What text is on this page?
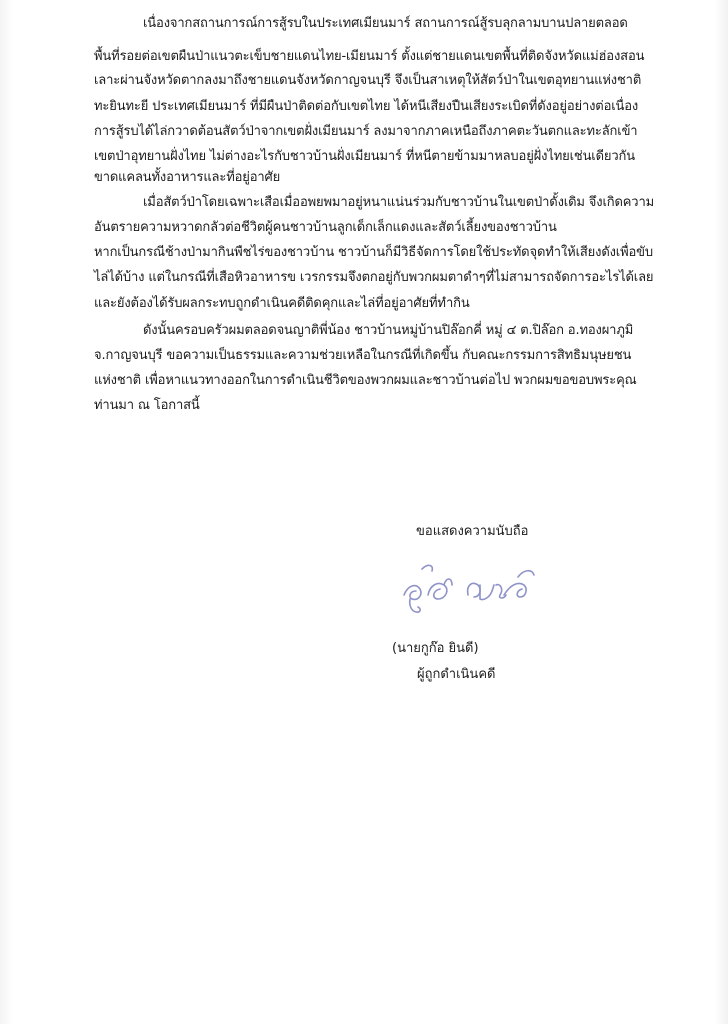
เนื่องจากสถานการณ์การสู้รบในประเทศเมียนมาร์ สถานการณ์สู้รบลุกลามบานปลายตลอด
พื้นที่รอยต่อเขตผืนป่าแนวตะเข็บชายแดนไทย-เมียนมาร์ ตั้งแต่ชายแดนเขตพื้นที่ติดจังหวัดแม่ฮ่องสอน
เลาะผ่านจังหวัดตากลงมาถึงชายแดนจังหวัดกาญจนบุรี จึงเป็นสาเหตุให้สัตว์ป่าในเขตอุทยานแห่งชาติ
ทะยินทะยี ประเทศเมียนมาร์ ที่มีผืนป่าติดต่อกับเขตไทย ได้หนีเสียงปืนเสียงระเบิดที่ดังอยู่อย่างต่อเนื่อง
การสู้รบได้ไล่กวาดต้อนสัตว์ป่าจากเขตฝั่งเมียนมาร์ ลงมาจากภาคเหนือถึงภาคตะวันตกและทะลักเข้า
เขตป่าอุทยานฝั่งไทย ไม่ต่างอะไรกับชาวบ้านฝั่งเมียนมาร์ ที่หนีตายข้ามมาหลบอยู่ฝั่งไทยเช่นเดียวกัน
ขาดแคลนทั้งอาหารและที่อยู่อาศัย
เมื่อสัตว์ป่าโดยเฉพาะเสือเมื่ออพยพมาอยู่หนาแน่นร่วมกับชาวบ้านในเขตป่าดั้งเดิม จึงเกิดความ
อันตรายความหวาดกลัวต่อชีวิตผู้คนชาวบ้านลูกเด็กเล็กแดงและสัตว์เลี้ยงของชาวบ้าน
หากเป็นกรณีช้างป่ามากินพืชไร่ของชาวบ้าน ชาวบ้านก็มีวิธีจัดการโดยใช้ประทัดจุดทำให้เสียงดังเพื่อขับ
ไล่ได้บ้าง แต่ในกรณีที่เสือหิวอาหารข เวรกรรมจึงตกอยู่กับพวกผมตาดำๆที่ไม่สามารถจัดการอะไรได้เลย
และยังต้องได้รับผลกระทบถูกดำเนินคดีติดคุกและไล่ที่อยู่อาศัยที่ทำกิน
ดังนั้นครอบครัวผมตลอดจนญาติพี่น้อง ชาวบ้านหมู่บ้านปิล๊อกคี่ หมู่ ๔ ต.ปิล๊อก อ.ทองผาภูมิ
จ.กาญจนบุรี ขอความเป็นธรรมและความช่วยเหลือในกรณีที่เกิดขึ้น กับคณะกรรมการสิทธิมนุษยชน
แห่งชาติ เพื่อหาแนวทางออกในการดำเนินชีวิตของพวกผมและชาวบ้านต่อไป พวกผมขอขอบพระคุณ
ท่านมา ณ โอกาสนี้
ขอแสดงความนับถือ
(นายกูก๊อ ยินดี)
ผู้ถูกดำเนินคดี
